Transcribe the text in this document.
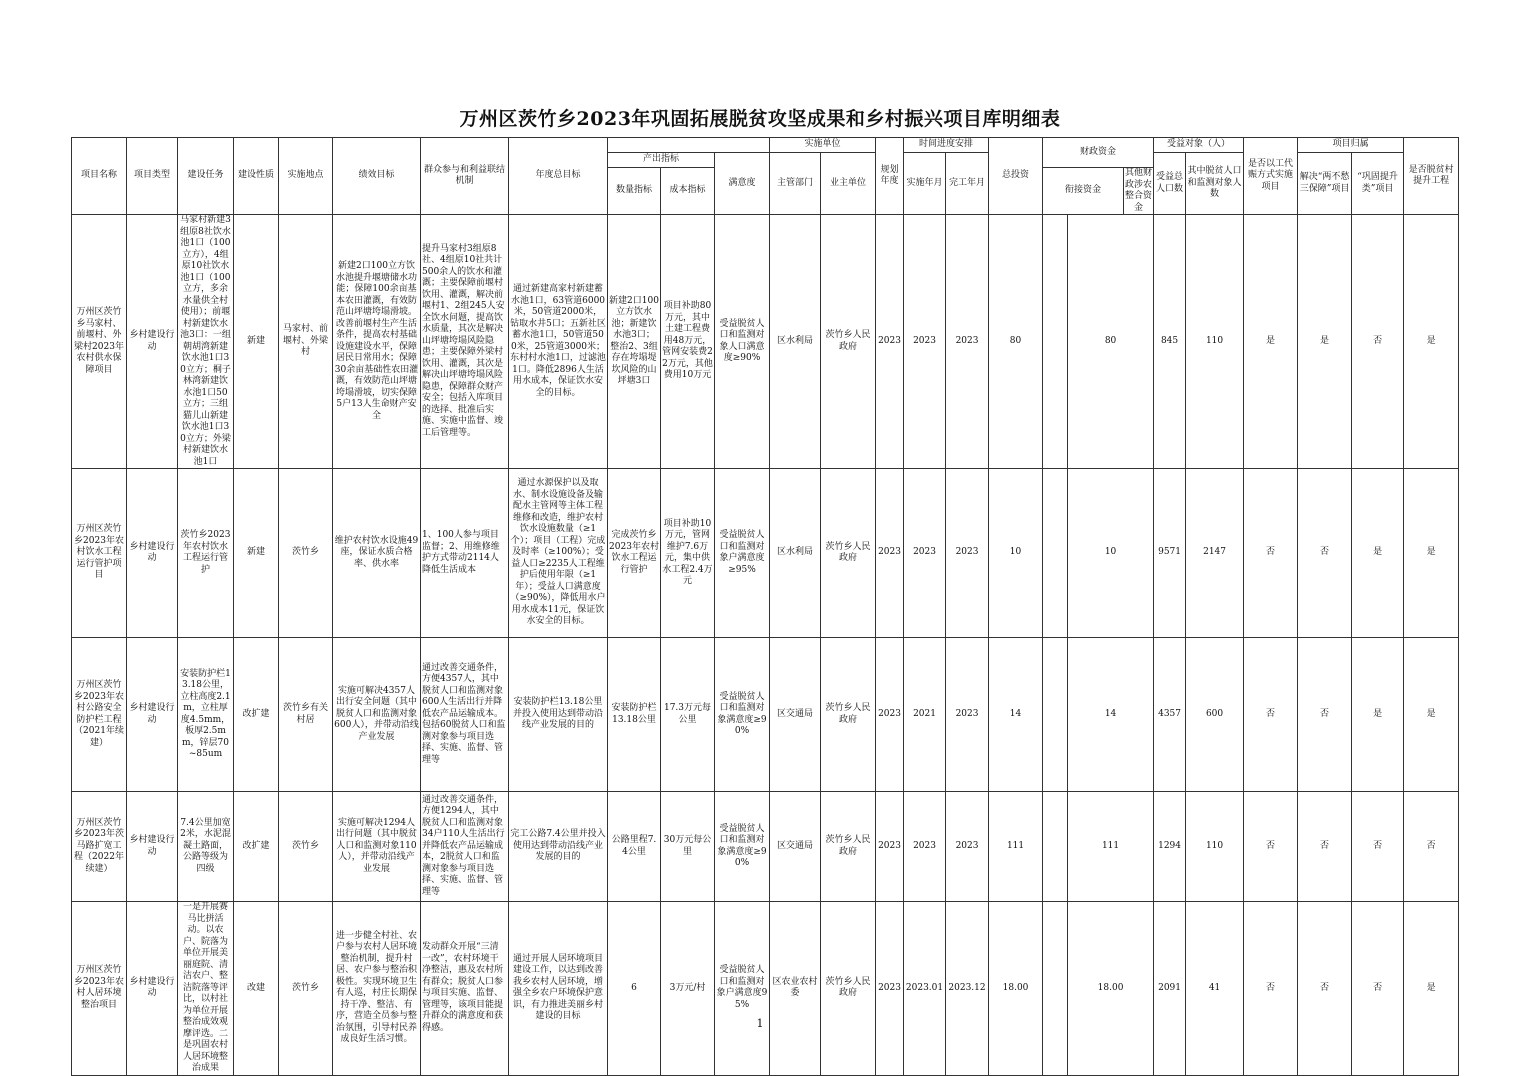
万州区茨竹乡2023年巩固拓展脱贫攻坚成果和乡村振兴项目库明细表
项目名称	项目类型	建设任务	建设性质	实施地点	绩效目标	群众参与和利益联结机制	年度总目标				实施单位		规划年度	时间进度安排		总投资	财政资金			受益对象（人）		是否以工代赈方式实施项目	项目归属		是否脱贫村提升工程
								产出指标		满意度	主管部门	业主单位		实施年月	完工年月					受益总人口数	其中脱贫人口和监测对象人数		解决“两不愁三保障”项目	“巩固提升类”项目	
								数量指标	成本指标								衔接资金		其他财政涉农整合资金						
万州区茨竹乡马家村、前堰村、外梁村2023年农村供水保障项目	乡村建设行动	马家村新建3组原8社饮水池1口（100立方），4组原10社饮水池1口（100立方，多余水量供全村使用）；前堰村新建饮水池3口：一组朝胡湾新建饮水池1口30立方；桐子林湾新建饮水池1口50立方；三组猫儿山新建饮水池1口30立方；外梁村新建饮水池1口	新建	马家村、前堰村、外梁村	新建2口100立方饮水池提升堰塘储水功能；保障100余亩基本农田灌溉，有效防范山坪塘垮塌滑坡。改善前堰村生产生活条件，提高农村基础设施建设水平，保障居民日常用水；保障30余亩基础性农田灌溉，有效防范山坪塘垮塌滑坡，切实保障5户13人生命财产安全	提升马家村3组原8社、4组原10社共计500余人的饮水和灌溉；主要保障前堰村饮用、灌溉，解决前堰村1、2组245人安全饮水问题，提高饮水质量，其次是解决山坪塘垮塌风险隐患；主要保障外梁村饮用、灌溉，其次是解决山坪塘垮塌风险隐患，保障群众财产安全；包括入库项目的选择、批准后实施、实施中监督、竣工后管理等。	通过新建高家村新建蓄水池1口，63管道6000米，50管道2000米，钻取水井5口；五新社区蓄水池1口，50管道500米，25管道3000米；东村村水池1口，过滤池1口。降低2896人生活用水成本，保证饮水安全的目标。	新建2口100立方饮水池；新建饮水池3口；整治2、3组存在垮塌堤坎风险的山坪塘3口	项目补助80万元，其中土建工程费用48万元，管网安装费22万元，其他费用10万元	受益脱贫人口和监测对象人口满意度≥90%	区水利局	茨竹乡人民政府	2023	2023	2023	80		80		845	110	是	是	否	是
万州区茨竹乡2023年农村饮水工程运行管护项目	乡村建设行动	茨竹乡2023年农村饮水工程运行管护	新建	茨竹乡	维护农村饮水设施49座，保证水质合格率、供水率	1、100人参与项目监督；2、用维修维护方式带动2114人降低生活成本	通过水源保护以及取水、制水设施设备及输配水主管网等主体工程维修和改造，维护农村饮水设施数量（≥1个）；项目（工程）完成及时率（≥100%）；受益人口≥2235人工程维护后使用年限（≥1年）；受益人口满意度（≥90%），降低用水户用水成本11元，保证饮水安全的目标。	完成茨竹乡2023年农村饮水工程运行管护	项目补助10万元，管网维护7.6万元，集中供水工程2.4万元	受益脱贫人口和监测对象户满意度≥95%	区水利局	茨竹乡人民政府	2023	2023	2023	10		10		9571	2147	否	否	是	是
万州区茨竹乡2023年农村公路安全防护栏工程（2021年续建）	乡村建设行动	安装防护栏13.18公里，立柱高度2.1m，立柱厚度4.5mm，板厚2.5mm，锌层70~85um	改扩建	茨竹乡有关村居	实施可解决4357人出行安全问题（其中脱贫人口和监测对象600人），并带动沿线产业发展	通过改善交通条件，方便4357人，其中脱贫人口和监测对象600人生活出行并降低农产品运输成本。包括60脱贫人口和监测对象参与项目选择、实施、监督、管理等	安装防护栏13.18公里并投入使用达到带动沿线产业发展的目的	安装防护栏13.18公里	17.3万元每公里	受益脱贫人口和监测对象满意度≥90%	区交通局	茨竹乡人民政府	2023	2021	2023	14		14		4357	600	否	否	是	是
万州区茨竹乡2023年茨马路扩宽工程（2022年续建）	乡村建设行动	7.4公里加宽2米，水泥混凝土路面，公路等级为四级	改扩建	茨竹乡	实施可解决1294人出行问题（其中脱贫人口和监测对象110人），并带动沿线产业发展	通过改善交通条件，方便1294人，其中脱贫人口和监测对象34户110人生活出行并降低农产品运输成本，2脱贫人口和监测对象参与项目选择、实施、监督、管理等	完工公路7.4公里并投入使用达到带动沿线产业发展的目的	公路里程7.4公里	30万元每公里	受益脱贫人口和监测对象满意度≥90%	区交通局	茨竹乡人民政府	2023	2023	2023	111		111		1294	110	否	否	否	否
万州区茨竹乡2023年农村人居环境整治项目	乡村建设行动	一是开展赛马比拼活动。以农户、院落为单位开展美丽庭院、清洁农户、整洁院落等评比，以村社为单位开展整治成效观摩评选。二是巩固农村人居环境整治成果	改建	茨竹乡	进一步健全村社、农户参与农村人居环境整治机制，提升村居、农户参与整治积极性。实现环境卫生有人巡，村庄长期保持干净、整洁、有序，营造全员参与整治氛围，引导村民养成良好生活习惯。	发动群众开展“三清一改”，农村环境干净整洁，惠及农村所有群众；脱贫人口参与项目实施、监督、管理等，该项目能提升群众的满意度和获得感。	通过开展人居环境项目建设工作，以达到改善我乡农村人居环境，增强全乡农户环境保护意识，有力推进美丽乡村建设的目标	6	3万元/村	受益脱贫人口和监测对象户满意度95%	区农业农村委	茨竹乡人民政府	2023	2023.01	2023.12	18.00		18.00		2091	41	否	否	否	是
1
